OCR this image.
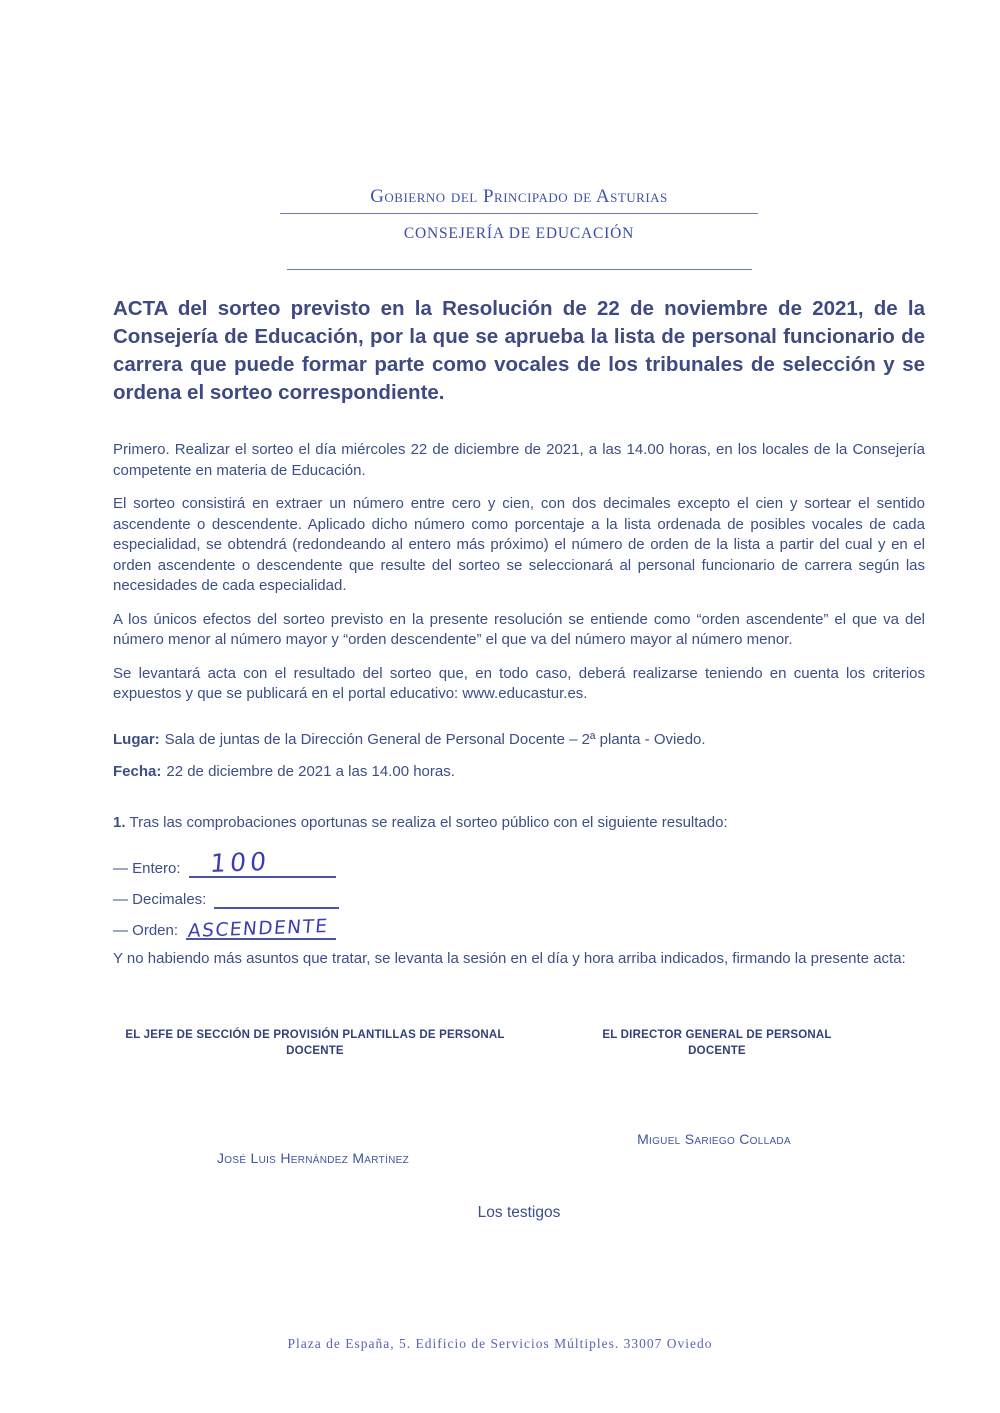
Gobierno del Principado de Asturias
CONSEJERÍA DE EDUCACIÓN
ACTA del sorteo previsto en la Resolución de 22 de noviembre de 2021, de la Consejería de Educación, por la que se aprueba la lista de personal funcionario de carrera que puede formar parte como vocales de los tribunales de selección y se ordena el sorteo correspondiente.

Primero. Realizar el sorteo el día miércoles 22 de diciembre de 2021, a las 14.00 horas, en los locales de la Consejería competente en materia de Educación.

El sorteo consistirá en extraer un número entre cero y cien, con dos decimales excepto el cien y sortear el sentido ascendente o descendente. Aplicado dicho número como porcentaje a la lista ordenada de posibles vocales de cada especialidad, se obtendrá (redondeando al entero más próximo) el número de orden de la lista a partir del cual y en el orden ascendente o descendente que resulte del sorteo se seleccionará al personal funcionario de carrera según las necesidades de cada especialidad.

A los únicos efectos del sorteo previsto en la presente resolución se entiende como “orden ascendente” el que va del número menor al número mayor y “orden descendente” el que va del número mayor al número menor.

Se levantará acta con el resultado del sorteo que, en todo caso, deberá realizarse teniendo en cuenta los criterios expuestos y que se publicará en el portal educativo: www.educastur.es.

Lugar: Sala de juntas de la Dirección General de Personal Docente – 2ª planta - Oviedo.

Fecha: 22 de diciembre de 2021 a las 14.00 horas.

1. Tras las comprobaciones oportunas se realiza el sorteo público con el siguiente resultado:

— Entero: 100
— Decimales:
— Orden: ASCENDENTE

Y no habiendo más asuntos que tratar, se levanta la sesión en el día y hora arriba indicados, firmando la presente acta:

EL JEFE DE SECCIÓN DE PROVISIÓN PLANTILLAS DE PERSONAL DOCENTE
EL DIRECTOR GENERAL DE PERSONAL DOCENTE
Miguel Sariego Collada
José Luis Hernández Martínez
Los testigos
Plaza de España, 5. Edificio de Servicios Múltiples. 33007 Oviedo
